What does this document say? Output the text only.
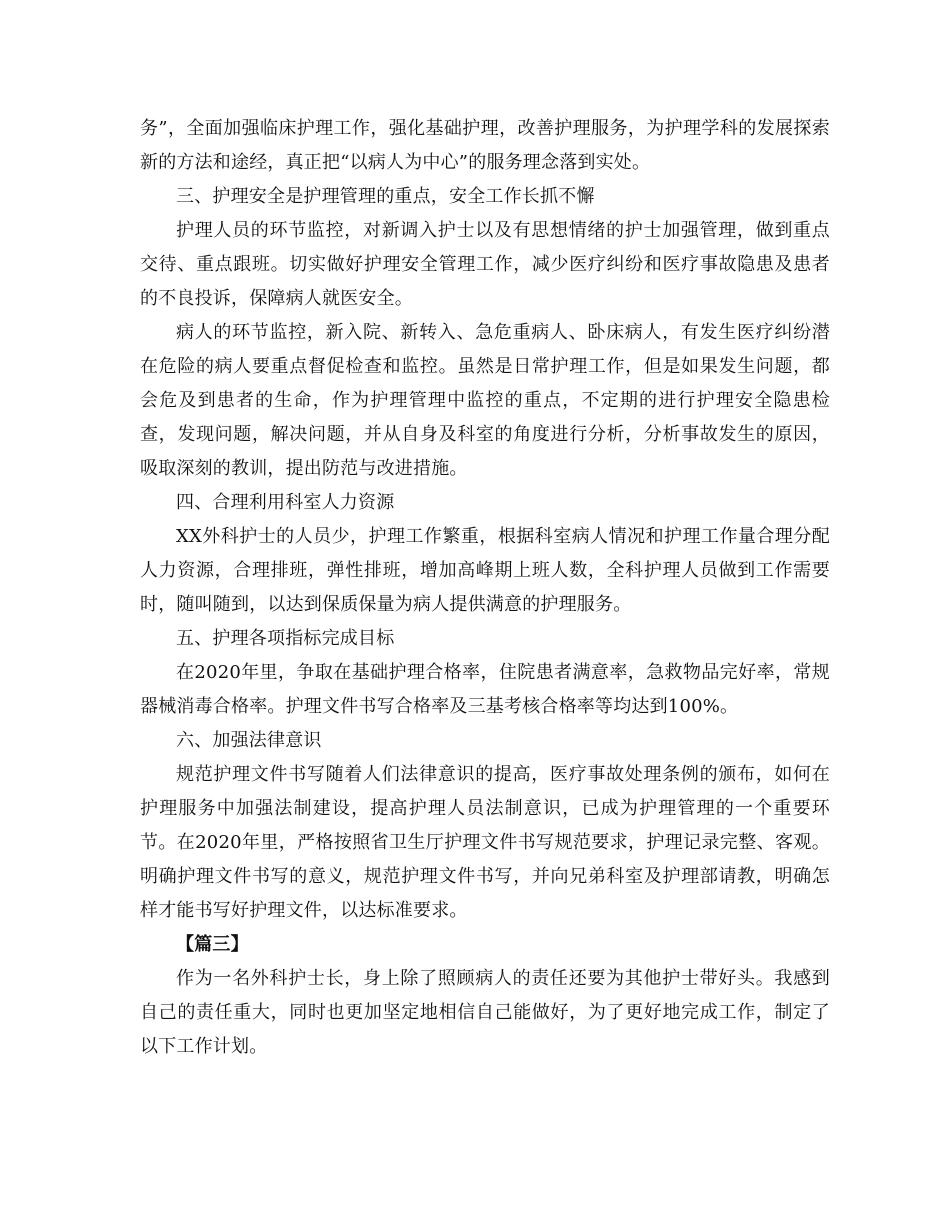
务”，全面加强临床护理工作，强化基础护理，改善护理服务，为护理学科的发展探索新的方法和途经，真正把“以病人为中心”的服务理念落到实处。

三、护理安全是护理管理的重点，安全工作长抓不懈

护理人员的环节监控，对新调入护士以及有思想情绪的护士加强管理，做到重点交待、重点跟班。切实做好护理安全管理工作，减少医疗纠纷和医疗事故隐患及患者的不良投诉，保障病人就医安全。

病人的环节监控，新入院、新转入、急危重病人、卧床病人，有发生医疗纠纷潜在危险的病人要重点督促检查和监控。虽然是日常护理工作，但是如果发生问题，都会危及到患者的生命，作为护理管理中监控的重点，不定期的进行护理安全隐患检查，发现问题，解决问题，并从自身及科室的角度进行分析，分析事故发生的原因，吸取深刻的教训，提出防范与改进措施。

四、合理利用科室人力资源

XX外科护士的人员少，护理工作繁重，根据科室病人情况和护理工作量合理分配人力资源，合理排班，弹性排班，增加高峰期上班人数，全科护理人员做到工作需要时，随叫随到，以达到保质保量为病人提供满意的护理服务。

五、护理各项指标完成目标

在2020年里，争取在基础护理合格率，住院患者满意率，急救物品完好率，常规器械消毒合格率。护理文件书写合格率及三基考核合格率等均达到100%。

六、加强法律意识

规范护理文件书写随着人们法律意识的提高，医疗事故处理条例的颁布，如何在护理服务中加强法制建设，提高护理人员法制意识，已成为护理管理的一个重要环节。在2020年里，严格按照省卫生厅护理文件书写规范要求，护理记录完整、客观。明确护理文件书写的意义，规范护理文件书写，并向兄弟科室及护理部请教，明确怎样才能书写好护理文件，以达标准要求。

【篇三】

作为一名外科护士长，身上除了照顾病人的责任还要为其他护士带好头。我感到自己的责任重大，同时也更加坚定地相信自己能做好，为了更好地完成工作，制定了以下工作计划。
